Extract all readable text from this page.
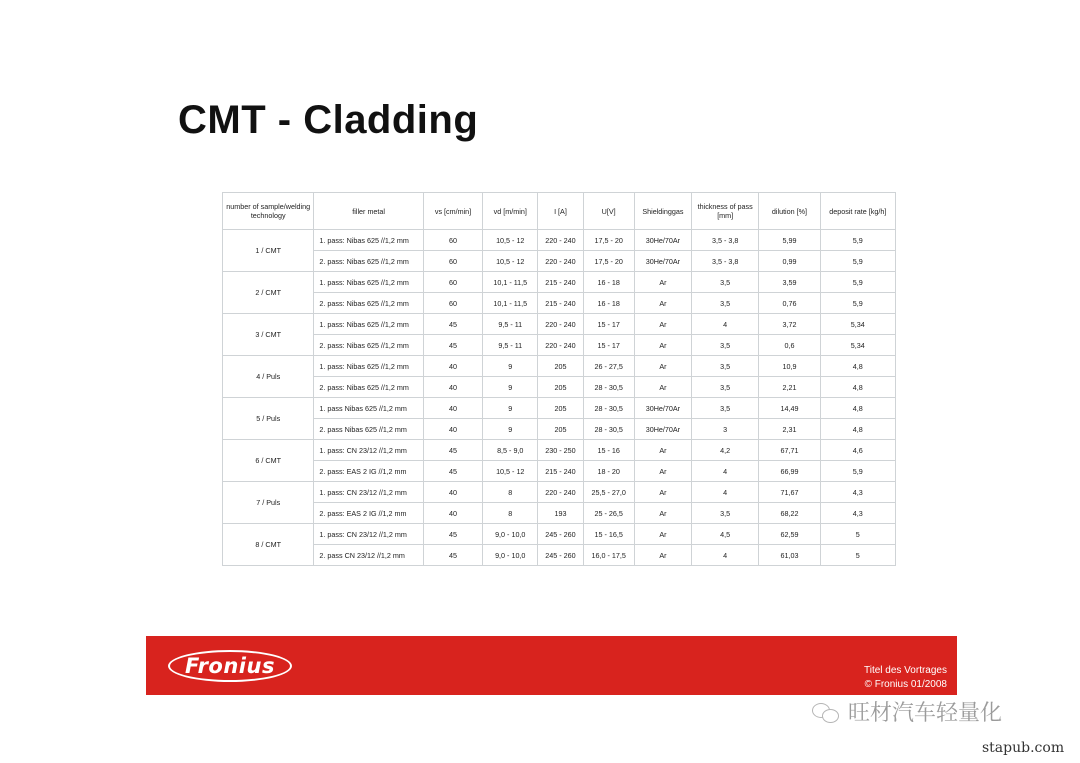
CMT - Cladding
number of sample/welding technology	filler metal	vs [cm/min]	vd [m/min]	I [A]	U[V]	Shieldinggas	thickness of pass [mm]	dilution [%]	deposit rate [kg/h]
1 / CMT	1. pass: Nibas 625 //1,2 mm	60	10,5 - 12	220 - 240	17,5 - 20	30He/70Ar	3,5 - 3,8	5,99	5,9
	2. pass: Nibas 625 //1,2 mm	60	10,5 - 12	220 - 240	17,5 - 20	30He/70Ar	3,5 - 3,8	0,99	5,9
2 / CMT	1. pass: Nibas 625 //1,2 mm	60	10,1 - 11,5	215 - 240	16 - 18	Ar	3,5	3,59	5,9
	2. pass: Nibas 625 //1,2 mm	60	10,1 - 11,5	215 - 240	16 - 18	Ar	3,5	0,76	5,9
3 / CMT	1. pass: Nibas 625 //1,2 mm	45	9,5 - 11	220 - 240	15 - 17	Ar	4	3,72	5,34
	2. pass: Nibas 625 //1,2 mm	45	9,5 - 11	220 - 240	15 - 17	Ar	3,5	0,6	5,34
4 / Puls	1. pass: Nibas 625 //1,2 mm	40	9	205	26 - 27,5	Ar	3,5	10,9	4,8
	2. pass: Nibas 625 //1,2 mm	40	9	205	28 - 30,5	Ar	3,5	2,21	4,8
5 / Puls	1. pass Nibas 625 //1,2 mm	40	9	205	28 - 30,5	30He/70Ar	3,5	14,49	4,8
	2. pass Nibas 625 //1,2 mm	40	9	205	28 - 30,5	30He/70Ar	3	2,31	4,8
6 / CMT	1. pass: CN 23/12 //1,2 mm	45	8,5 - 9,0	230 - 250	15 - 16	Ar	4,2	67,71	4,6
	2. pass: EAS 2 IG //1,2 mm	45	10,5 - 12	215 - 240	18 - 20	Ar	4	66,99	5,9
7 / Puls	1. pass: CN 23/12 //1,2 mm	40	8	220 - 240	25,5 - 27,0	Ar	4	71,67	4,3
	2. pass: EAS 2 IG //1,2 mm	40	8	193	25 - 26,5	Ar	3,5	68,22	4,3
8 / CMT	1. pass: CN 23/12 //1,2 mm	45	9,0 - 10,0	245 - 260	15 - 16,5	Ar	4,5	62,59	5
	2. pass CN 23/12 //1,2 mm	45	9,0 - 10,0	245 - 260	16,0 - 17,5	Ar	4	61,03	5
Fronius	Titel des Vortrages
© Fronius 01/2008
旺材汽车轻量化
stapub.com
